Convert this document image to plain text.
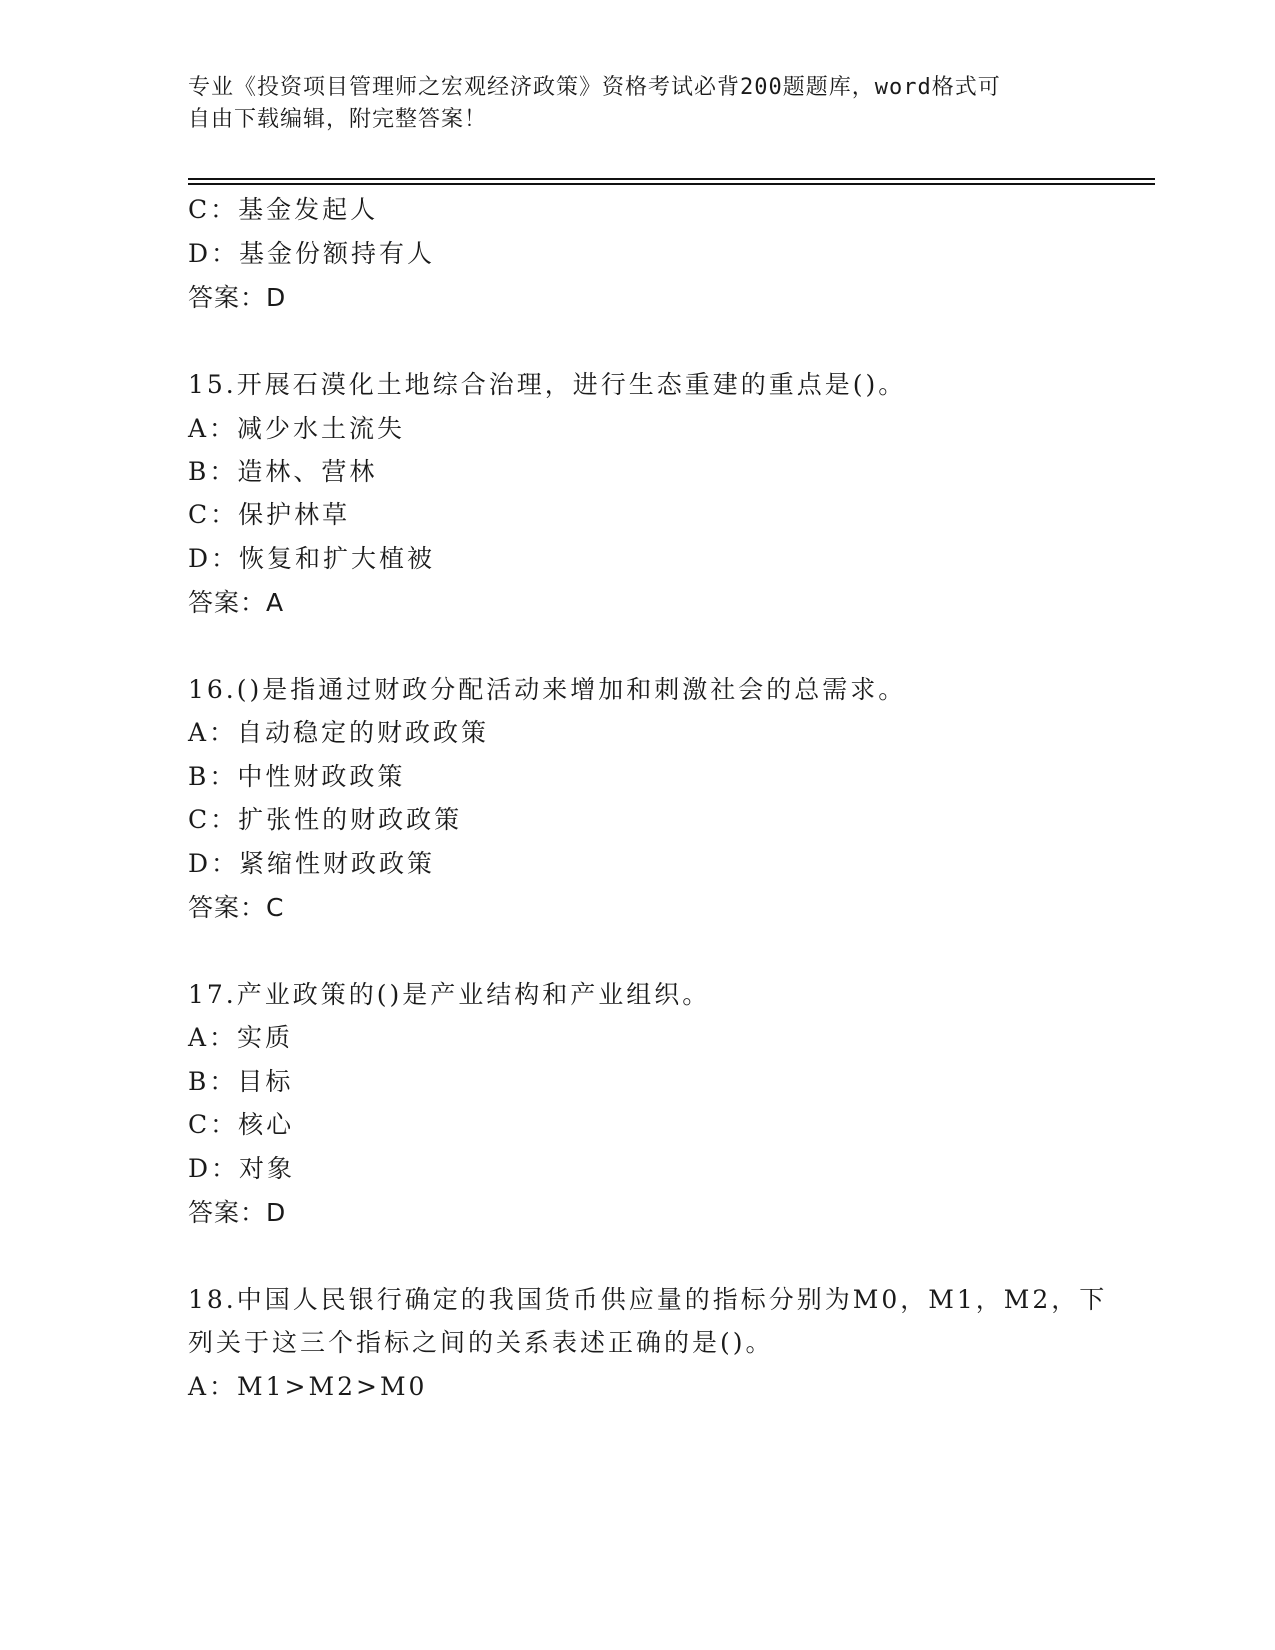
专业《投资项目管理师之宏观经济政策》资格考试必背200题题库，word格式可
自由下载编辑，附完整答案！
C：基金发起人
D：基金份额持有人
答案：D
15.开展石漠化土地综合治理，进行生态重建的重点是()。
A：减少水土流失
B：造林、营林
C：保护林草
D：恢复和扩大植被
答案：A
16.()是指通过财政分配活动来增加和刺激社会的总需求。
A：自动稳定的财政政策
B：中性财政政策
C：扩张性的财政政策
D：紧缩性财政政策
答案：C
17.产业政策的()是产业结构和产业组织。
A：实质
B：目标
C：核心
D：对象
答案：D
18.中国人民银行确定的我国货币供应量的指标分别为M0，M1，M2，下
列关于这三个指标之间的关系表述正确的是()。
A：M1>M2>M0
